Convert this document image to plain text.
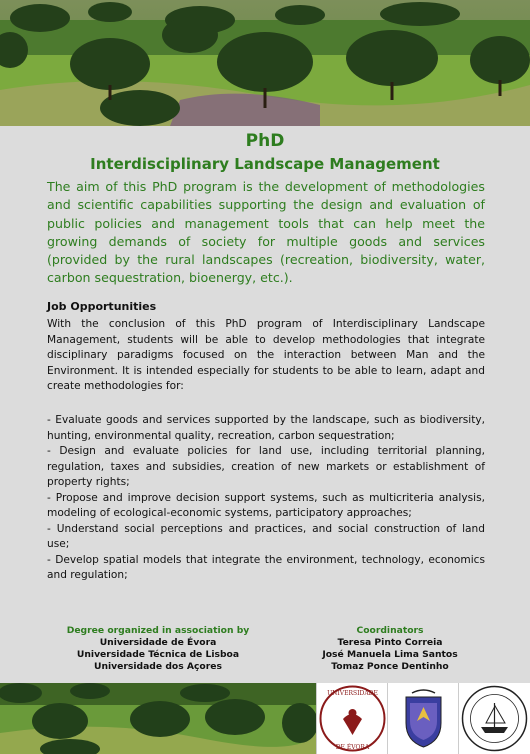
PhD
Interdisciplinary Landscape Management
The aim of this PhD program is the development of methodologies and scientific capabilities supporting the design and evaluation of public policies and management tools that can help meet the growing demands of society for multiple goods and services (provided by the rural landscapes (recreation, biodiversity, water, carbon sequestration, bioenergy, etc.).
Job Opportunities

With the conclusion of this PhD program of Interdisciplinary Landscape Management, students will be able to develop methodologies that integrate disciplinary paradigms focused on the interaction between Man and the Environment. It is intended especially for students to be able to learn, adapt and create methodologies for:

- Evaluate goods and services supported by the landscape, such as biodiversity, hunting, environmental quality, recreation, carbon sequestration;
- Design and evaluate policies for land use, including territorial planning, regulation, taxes and subsidies, creation of new markets or establishment of property rights;
- Propose and improve decision support systems, such as multicriteria analysis, modeling of ecological-economic systems, participatory approaches;
- Understand social perceptions and practices, and social construction of land use;
- Develop spatial models that integrate the environment, technology, economics and regulation;
Degree organized in association by
Universidade de Évora
Universidade Técnica de Lisboa
Universidade dos Açores
Coordinators
Teresa Pinto Correia
José Manuela Lima Santos
Tomaz Ponce Dentinho
UNIVERSIDADE
DE ÉVORA
